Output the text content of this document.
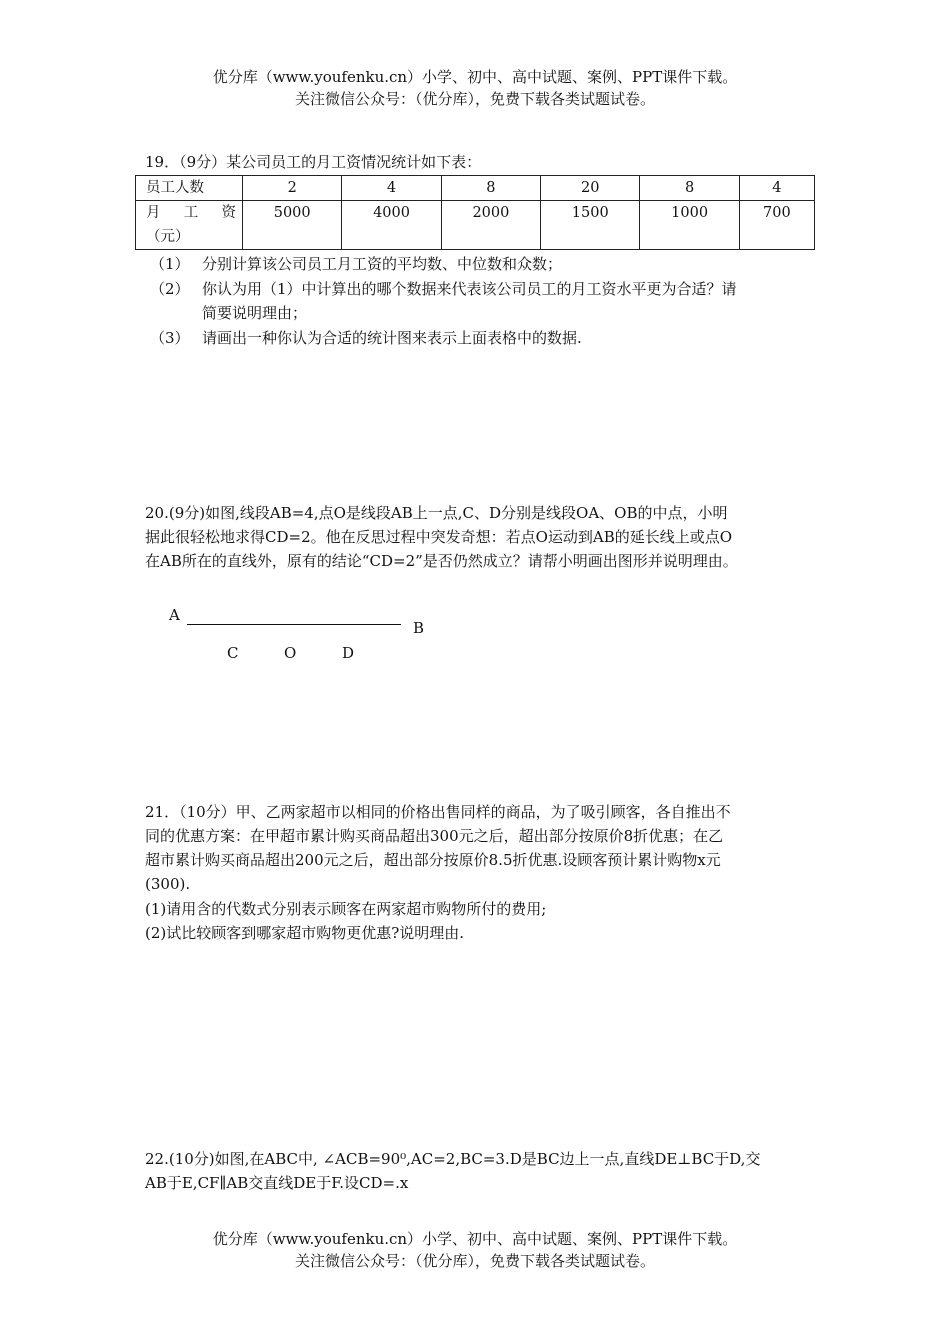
优分库（www.youfenku.cn）小学、初中、高中试题、案例、PPT课件下载。
关注微信公众号：（优分库），免费下载各类试题试卷。
19．（9分）某公司员工的月工资情况统计如下表：
员工人数	2	4	8	20	8	4

月 工 资
（元）	5000	4000	2000	1500	1000	700
（1） 分别计算该公司员工月工资的平均数、中位数和众数；
（2） 你认为用（1）中计算出的哪个数据来代表该公司员工的月工资水平更为合适？请
简要说明理由；
（3） 请画出一种你认为合适的统计图来表示上面表格中的数据.
20.(9分)如图,线段AB=4,点O是线段AB上一点,C、D分别是线段OA、OB的中点，小明
据此很轻松地求得CD=2。他在反思过程中突发奇想：若点O运动到AB的延长线上或点O
在AB所在的直线外，原有的结论“CD=2”是否仍然成立？请帮小明画出图形并说明理由。
A
B
C	O	D
21．（10分）甲、乙两家超市以相同的价格出售同样的商品，为了吸引顾客，各自推出不
同的优惠方案：在甲超市累计购买商品超出300元之后，超出部分按原价8折优惠；在乙
超市累计购买商品超出200元之后，超出部分按原价8.5折优惠.设顾客预计累计购物x元
(300).
(1)请用含的代数式分别表示顾客在两家超市购物所付的费用;
(2)试比较顾客到哪家超市购物更优惠?说明理由.
22.(10分)如图,在ABC中, ∠ACB=90⁰,AC=2,BC=3.D是BC边上一点,直线DE⊥BC于D,交
AB于E,CF∥AB交直线DE于F.设CD=.x
优分库（www.youfenku.cn）小学、初中、高中试题、案例、PPT课件下载。
关注微信公众号：（优分库），免费下载各类试题试卷。
